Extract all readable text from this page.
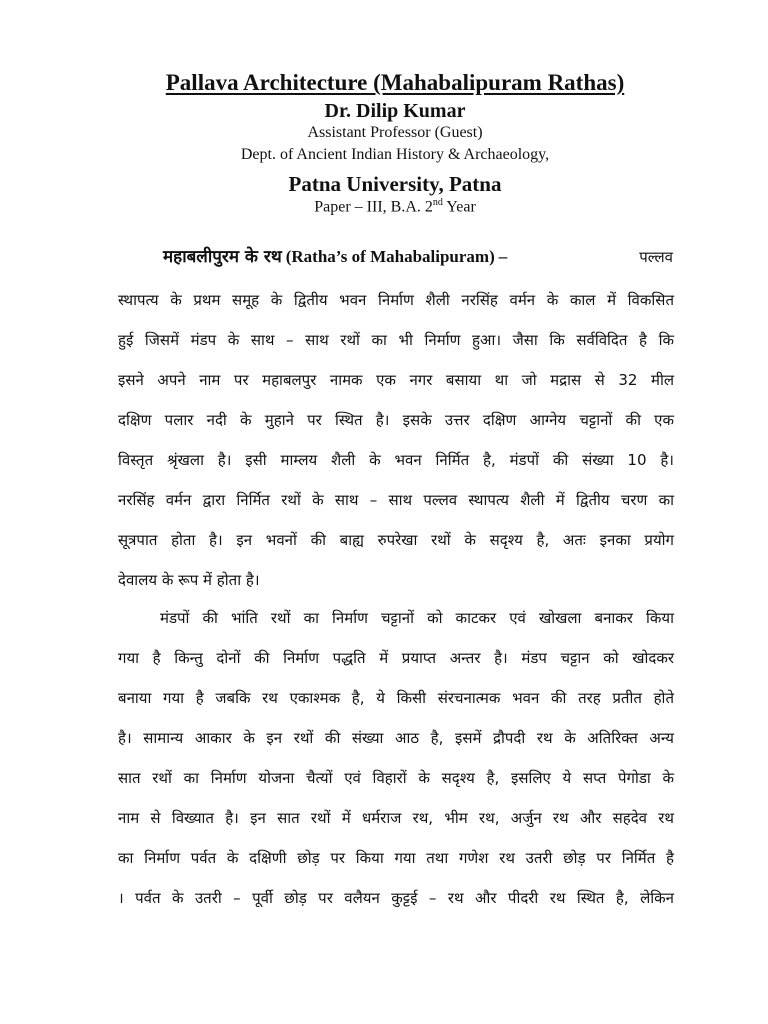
Pallava Architecture (Mahabalipuram Rathas)
Dr. Dilip Kumar
Assistant Professor (Guest)
Dept. of Ancient Indian History & Archaeology,
Patna University, Patna
Paper – III, B.A. 2nd Year
महाबलीपुरम के रथ (Ratha’s of Mahabalipuram) –	पल्लव
स्थापत्य के प्रथम समूह के द्वितीय भवन निर्माण शैली नरसिंह वर्मन के काल में विकसित
हुई जिसमें मंडप के साथ – साथ रथों का भी निर्माण हुआ। जैसा कि सर्वविदित है कि
इसने अपने नाम पर महाबलपुर नामक एक नगर बसाया था जो मद्रास से 32 मील
दक्षिण पलार नदी के मुहाने पर स्थित है। इसके उत्तर दक्षिण आग्नेय चट्टानों की एक
विस्तृत श्रृंखला है। इसी माम्लय शैली के भवन निर्मित है, मंडपों की संख्या 10 है।
नरसिंह वर्मन द्वारा निर्मित रथों के साथ – साथ पल्लव स्थापत्य शैली में द्वितीय चरण का
सूत्रपात होता है। इन भवनों की बाह्य रुपरेखा रथों के सदृश्य है, अतः इनका प्रयोग
देवालय के रूप में होता है।
मंडपों की भांति रथों का निर्माण चट्टानों को काटकर एवं खोखला बनाकर किया
गया है किन्तु दोनों की निर्माण पद्धति में प्रयाप्त अन्तर है। मंडप चट्टान को खोदकर
बनाया गया है जबकि रथ एकाश्मक है, ये किसी संरचनात्मक भवन की तरह प्रतीत होते
है। सामान्य आकार के इन रथों की संख्या आठ है, इसमें द्रौपदी रथ के अतिरिक्त अन्य
सात रथों का निर्माण योजना चैत्यों एवं विहारों के सदृश्य है, इसलिए ये सप्त पेगोडा के
नाम से विख्यात है। इन सात रथों में धर्मराज रथ, भीम रथ, अर्जुन रथ और सहदेव रथ
का निर्माण पर्वत के दक्षिणी छोड़ पर किया गया तथा गणेश रथ उतरी छोड़ पर निर्मित है
। पर्वत के उतरी – पूर्वी छोड़ पर वलैयन कुट्टई – रथ और पीदरी रथ स्थित है, लेकिन
